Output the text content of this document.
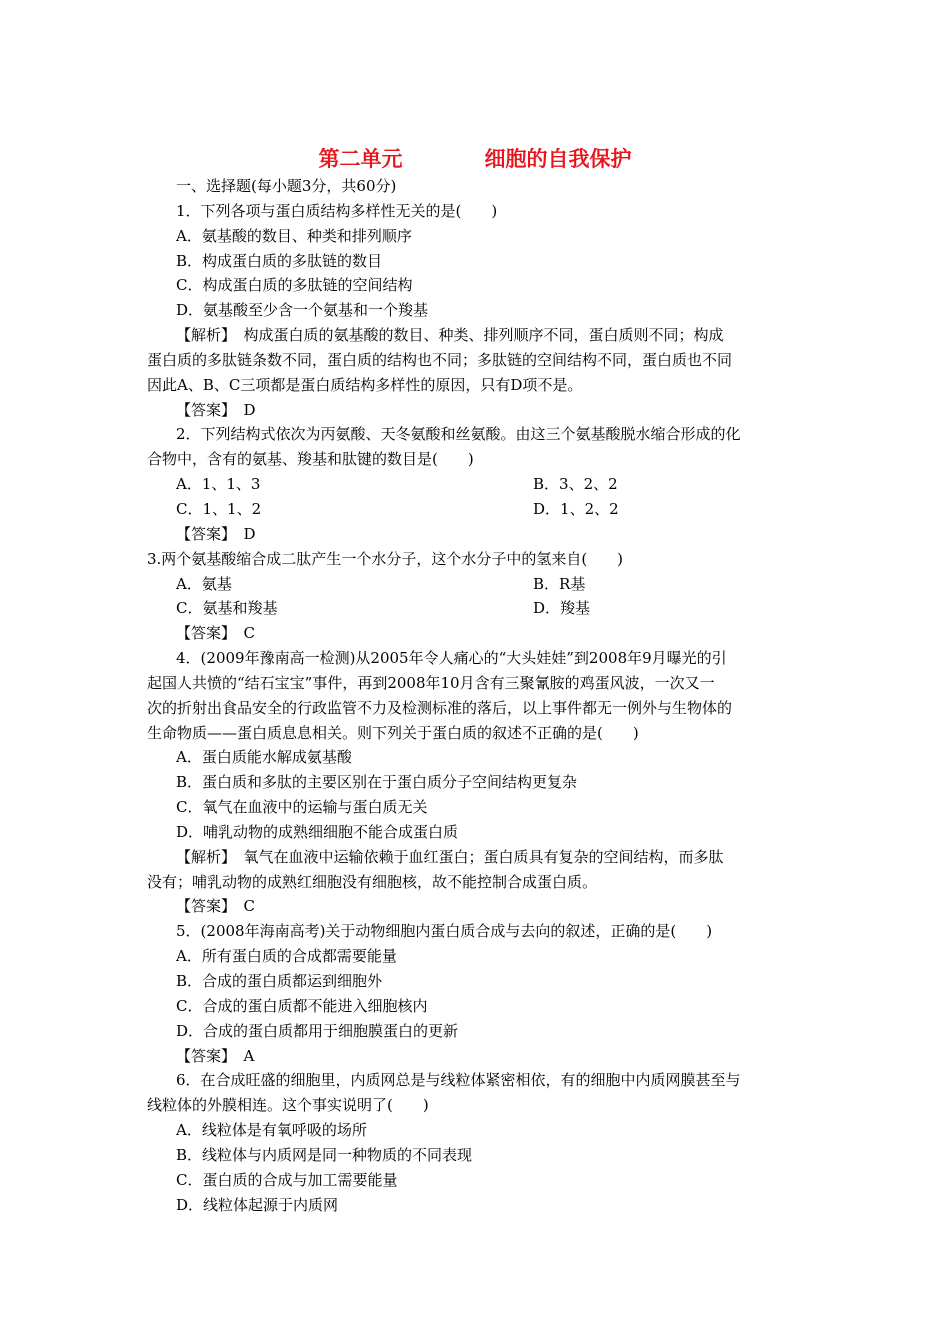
第二单元	细胞的自我保护
一、选择题(每小题3分，共60分)
1．下列各项与蛋白质结构多样性无关的是(　　)
A．氨基酸的数目、种类和排列顺序
B．构成蛋白质的多肽链的数目
C．构成蛋白质的多肽链的空间结构
D．氨基酸至少含一个氨基和一个羧基
【解析】　构成蛋白质的氨基酸的数目、种类、排列顺序不同，蛋白质则不同；构成
蛋白质的多肽链条数不同，蛋白质的结构也不同；多肽链的空间结构不同，蛋白质也不同
因此A、B、C三项都是蛋白质结构多样性的原因，只有D项不是。
【答案】　D
2．下列结构式依次为丙氨酸、天冬氨酸和丝氨酸。由这三个氨基酸脱水缩合形成的化
合物中，含有的氨基、羧基和肽键的数目是(　　)
A．1、1、3	B．3、2、2
C．1、1、2	D．1、2、2
【答案】　D
3.两个氨基酸缩合成二肽产生一个水分子，这个水分子中的氢来自(　　)
A．氨基	B．R基
C．氨基和羧基	D．羧基
【答案】　C
4．(2009年豫南高一检测)从2005年令人痛心的“大头娃娃”到2008年9月曝光的引
起国人共愤的“结石宝宝”事件，再到2008年10月含有三聚氰胺的鸡蛋风波，一次又一
次的折射出食品安全的行政监管不力及检测标准的落后，以上事件都无一例外与生物体的
生命物质——蛋白质息息相关。则下列关于蛋白质的叙述不正确的是(　　)
A．蛋白质能水解成氨基酸
B．蛋白质和多肽的主要区别在于蛋白质分子空间结构更复杂
C．氧气在血液中的运输与蛋白质无关
D．哺乳动物的成熟细细胞不能合成蛋白质
【解析】　氧气在血液中运输依赖于血红蛋白；蛋白质具有复杂的空间结构，而多肽
没有；哺乳动物的成熟红细胞没有细胞核，故不能控制合成蛋白质。
【答案】　C
5．(2008年海南高考)关于动物细胞内蛋白质合成与去向的叙述，正确的是(　　)
A．所有蛋白质的合成都需要能量
B．合成的蛋白质都运到细胞外
C．合成的蛋白质都不能进入细胞核内
D．合成的蛋白质都用于细胞膜蛋白的更新
【答案】　A
6．在合成旺盛的细胞里，内质网总是与线粒体紧密相依，有的细胞中内质网膜甚至与
线粒体的外膜相连。这个事实说明了(　　)
A．线粒体是有氧呼吸的场所
B．线粒体与内质网是同一种物质的不同表现
C．蛋白质的合成与加工需要能量
D．线粒体起源于内质网
